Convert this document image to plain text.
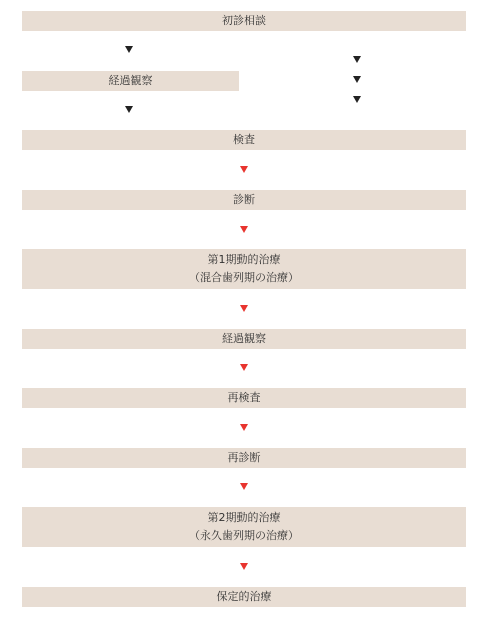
初診相談
経過観察
検査
診断
第1期動的治療
（混合歯列期の治療）
経過観察
再検査
再診断
第2期動的治療
（永久歯列期の治療）
保定的治療
